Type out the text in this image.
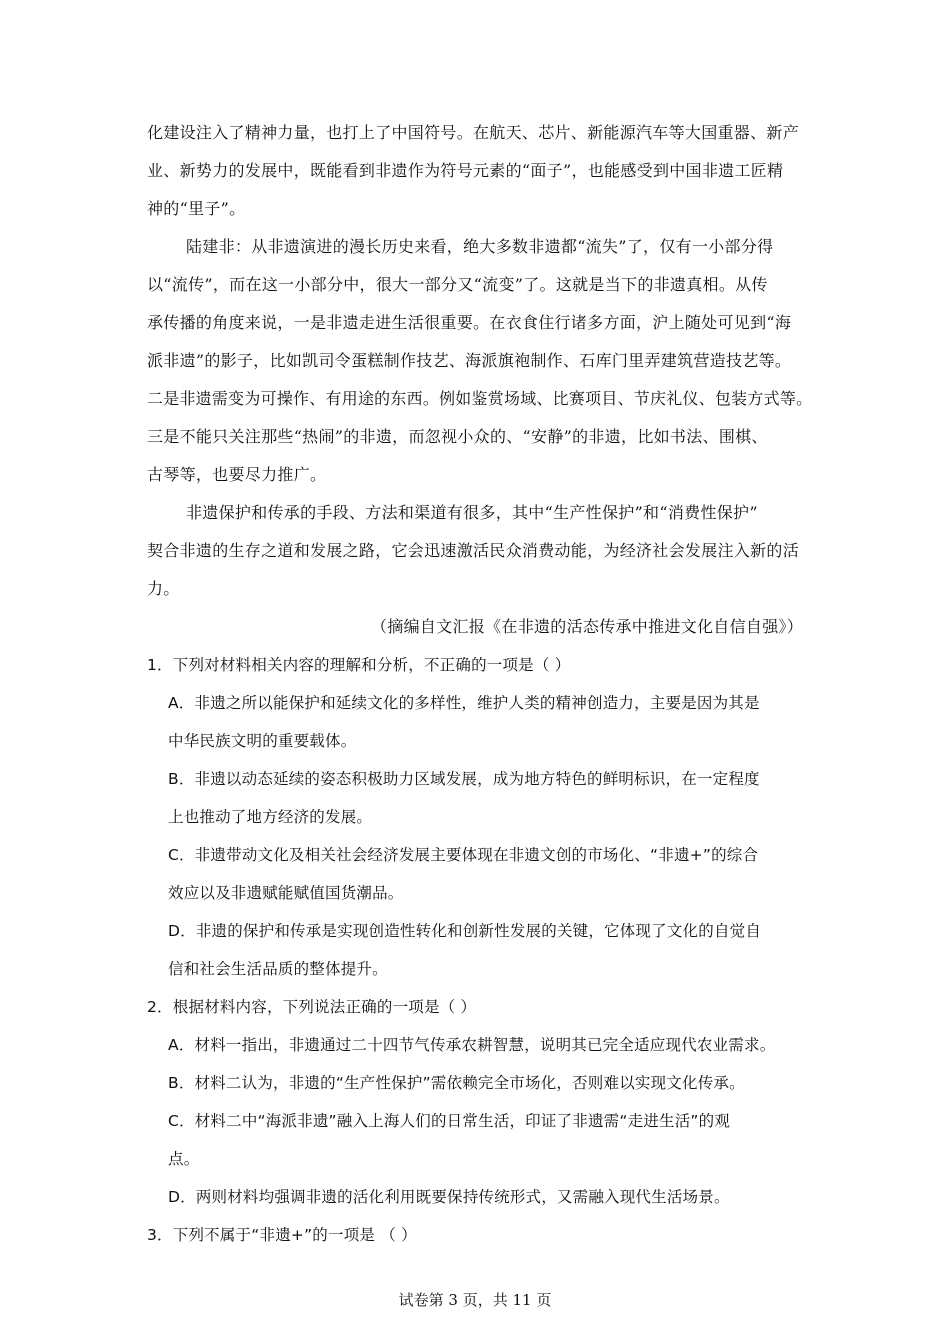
化建设注入了精神力量，也打上了中国符号。在航天、芯片、新能源汽车等大国重器、新产
业、新势力的发展中，既能看到非遗作为符号元素的“面子”，也能感受到中国非遗工匠精
神的“里子”。
陆建非：从非遗演进的漫长历史来看，绝大多数非遗都“流失”了，仅有一小部分得
以“流传”，而在这一小部分中，很大一部分又“流变”了。这就是当下的非遗真相。从传
承传播的角度来说，一是非遗走进生活很重要。在衣食住行诸多方面，沪上随处可见到“海
派非遗”的影子，比如凯司令蛋糕制作技艺、海派旗袍制作、石库门里弄建筑营造技艺等。
二是非遗需变为可操作、有用途的东西。例如鉴赏场域、比赛项目、节庆礼仪、包装方式等。
三是不能只关注那些“热闹”的非遗，而忽视小众的、“安静”的非遗，比如书法、围棋、
古琴等，也要尽力推广。
非遗保护和传承的手段、方法和渠道有很多，其中“生产性保护”和“消费性保护”
契合非遗的生存之道和发展之路，它会迅速激活民众消费动能，为经济社会发展注入新的活
力。
（摘编自文汇报《在非遗的活态传承中推进文化自信自强》）
1．下列对材料相关内容的理解和分析，不正确的一项是（ ）
A．非遗之所以能保护和延续文化的多样性，维护人类的精神创造力，主要是因为其是
中华民族文明的重要载体。
B．非遗以动态延续的姿态积极助力区域发展，成为地方特色的鲜明标识，在一定程度
上也推动了地方经济的发展。
C．非遗带动文化及相关社会经济发展主要体现在非遗文创的市场化、“非遗+”的综合
效应以及非遗赋能赋值国货潮品。
D．非遗的保护和传承是实现创造性转化和创新性发展的关键，它体现了文化的自觉自
信和社会生活品质的整体提升。
2．根据材料内容，下列说法正确的一项是（ ）
A．材料一指出，非遗通过二十四节气传承农耕智慧，说明其已完全适应现代农业需求。
B．材料二认为，非遗的“生产性保护”需依赖完全市场化，否则难以实现文化传承。
C．材料二中“海派非遗”融入上海人们的日常生活，印证了非遗需“走进生活”的观
点。
D．两则材料均强调非遗的活化利用既要保持传统形式，又需融入现代生活场景。
3．下列不属于“非遗+”的一项是 （ ）
试卷第 3 页，共 11 页
